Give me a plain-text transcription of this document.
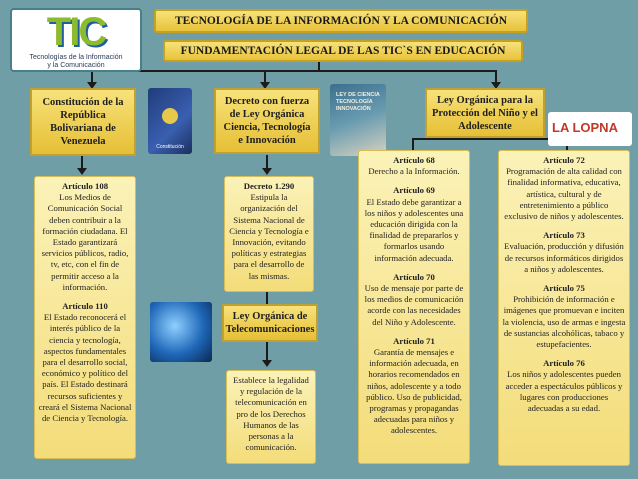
TIC
Tecnologías de la Información
y la Comunicación
TECNOLOGÍA DE LA INFORMACIÓN Y LA COMUNICACIÓN
FUNDAMENTACIÓN LEGAL DE LAS TIC`S EN EDUCACIÓN
Constitución de la República Bolivariana de Venezuela	Constitución

Artículo 108
Los Medios de Comunicación Social deben contribuir a la formación ciudadana. El Estado garantizará servicios públicos, radio, tv, etc, con el fin de permitir acceso a la información.

Artículo 110
El Estado reconocerá el interés público de la ciencia y tecnología, aspectos fundamentales para el desarrollo social, económico y político del país. El Estado destinará recursos suficientes y creará el Sistema Nacional de Ciencia y Tecnología.

Decreto con fuerza de Ley Orgánica Ciencia, Tecnología e Innovación
LEY DE CIENCIA TECNOLOGÍA INNOVACIÓN

Decreto 1.290
Estipula la organización del Sistema Nacional de Ciencia y Tecnología e Innovación, evitando políticas y estrategias para el desarrollo de las mismas.

Ley Orgánica de Telecomunicaciones
Establece la legalidad y regulación de la telecomunicación en pro de los Derechos Humanos de las personas a la comunicación.
Ley Orgánica para la Protección del Niño y el Adolescente	LA LOPNA

Artículo 68
Derecho a la Información.

Artículo 69
El Estado debe garantizar a los niños y adolescentes una educación dirigida con la finalidad de prepararlos y formarlos usando información adecuada.

Artículo 70
Uso de mensaje por parte de los medios de comunicación acorde con las necesidades del Niño y Adolescente.

Artículo 71
Garantía de mensajes e información adecuada, en horarios recomendados en niños, adolescente y a todo público. Uso de publicidad, programas y propagandas adecuadas para niños y adolescentes.

Artículo 72
Programación de alta calidad con finalidad informativa, educativa, artística, cultural y de entretenimiento a público exclusivo de niños y adolescentes.

Artículo 73
Evaluación, producción y difusión de recursos informáticos dirigidos a niños y adolescentes.

Artículo 75
Prohibición de información e imágenes que promuevan e inciten la violencia, uso de armas e ingesta de sustancias alcohólicas, tabaco y estupefacientes.

Artículo 76
Los niños y adolescentes pueden acceder a espectáculos públicos y lugares con producciones adecuadas a su edad.
